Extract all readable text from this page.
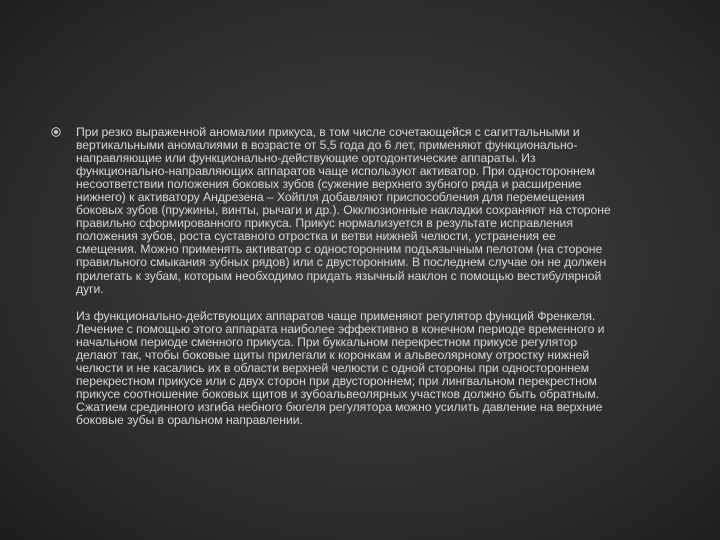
При резко выраженной аномалии прикуса, в том числе сочетающейся с сагиттальными и вертикальными аномалиями в возрасте от 5,5 года до 6 лет, применяют функционально-направляющие или функционально-действующие ортодонтические аппараты. Из функционально-направляющих аппаратов чаще используют активатор. При одностороннем несоответствии положения боковых зубов (сужение верхнего зубного ряда и расширение нижнего) к активатору Андрезена – Хойпля добавляют приспособления для перемещения боковых зубов (пружины, винты, рычаги и др.). Окклюзионные накладки сохраняют на стороне правильно сформированного прикуса. Прикус нормализуется в результате исправления положения зубов, роста суставного отростка и ветви нижней челюсти, устранения ее смещения. Можно применять активатор с односторонним подъязычным пелотом (на стороне правильного смыкания зубных рядов) или с двусторонним. В последнем случае он не должен прилегать к зубам, которым необходимо придать язычный наклон с помощью вестибулярной дуги.

Из функционально-действующих аппаратов чаще применяют регулятор функций Френкеля. Лечение с помощью этого аппарата наиболее эффективно в конечном периоде временного и начальном периоде сменного прикуса. При буккальном перекрестном прикусе регулятор делают так, чтобы боковые щиты прилегали к коронкам и альвеолярному отростку нижней челюсти и не касались их в области верхней челюсти с одной стороны при одностороннем перекрестном прикусе или с двух сторон при двустороннем; при лингвальном перекрестном прикусе соотношение боковых щитов и зубоальвеолярных участков должно быть обратным. Сжатием срединного изгиба небного бюгеля регулятора можно усилить давление на верхние боковые зубы в оральном направлении.
